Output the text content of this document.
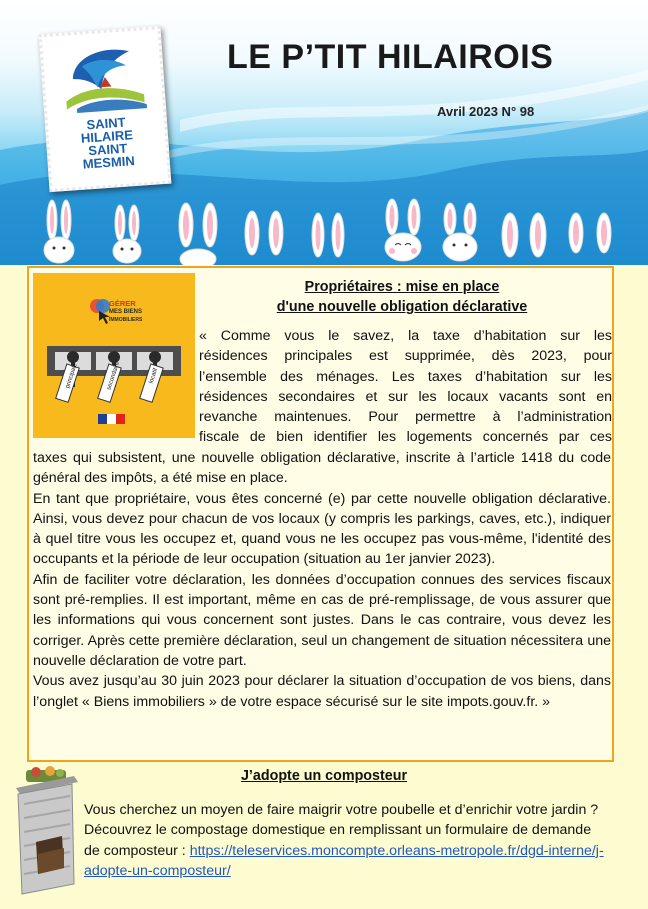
SAINT
HILAIRE
SAINT
MESMIN
LE P’TIT HILAIROIS
Avril 2023 N° 98
GÉRER
MES BIENS
IMMOBILIERS
principale	secondaire	locatif
Propriétaires : mise en place
d'une nouvelle obligation déclarative
« Comme vous le savez, la taxe d’habitation sur les
résidences principales est supprimée, dès 2023, pour
l’ensemble des ménages. Les taxes d’habitation sur les
résidences secondaires et sur les locaux vacants sont en
revanche maintenues. Pour permettre à l’administration
fiscale de bien identifier les logements concernés par ces
taxes qui subsistent, une nouvelle obligation déclarative, inscrite à l’article 1418 du code général des impôts, a été mise en place.
En tant que propriétaire, vous êtes concerné (e) par cette nouvelle obligation déclarative. Ainsi, vous devez pour chacun de vos locaux (y compris les parkings, caves, etc.), indiquer à quel titre vous les occupez et, quand vous ne les occupez pas vous-même, l'identité des occupants et la période de leur occupation (situation au 1er janvier 2023).
Afin de faciliter votre déclaration, les données d’occupation connues des services fiscaux sont pré-remplies. Il est important, même en cas de pré-remplissage, de vous assurer que les informations qui vous concernent sont justes. Dans le cas contraire, vous devez les corriger. Après cette première déclaration, seul un changement de situation nécessitera une nouvelle déclaration de votre part.
Vous avez jusqu’au 30 juin 2023 pour déclarer la situation d’occupation de vos biens, dans l’onglet « Biens immobiliers » de votre espace sécurisé sur le site impots.gouv.fr. »
J’adopte un composteur
Vous cherchez un moyen de faire maigrir votre poubelle et d’enrichir votre jardin ? Découvrez le compostage domestique en remplissant un formulaire de demande de composteur : https://teleservices.moncompte.orleans-metropole.fr/dgd-interne/j-adopte-un-composteur/
